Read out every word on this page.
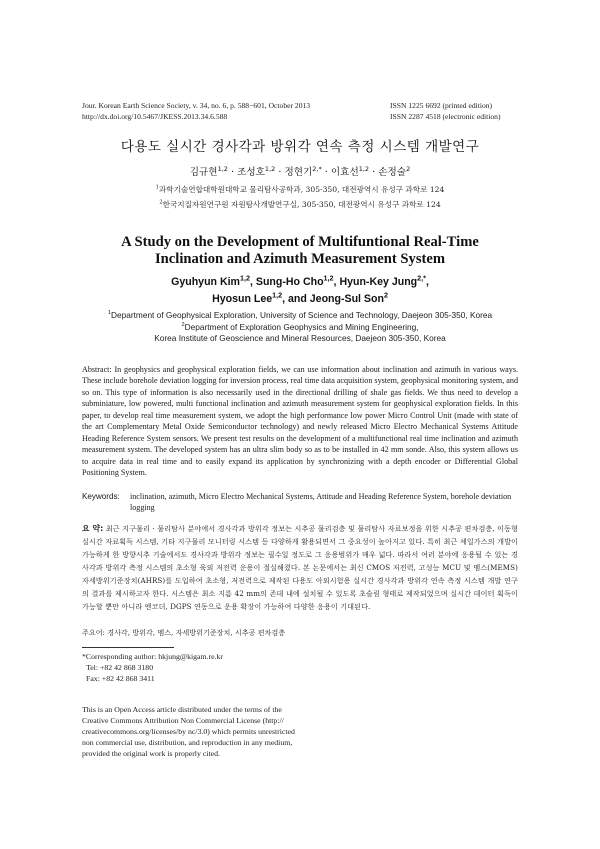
Jour. Korean Earth Science Society, v. 34, no. 6, p. 588−601, October 2013
http://dx.doi.org/10.5467/JKESS.2013.34.6.588
ISSN 1225 6692 (printed edition)
ISSN 2287 4518 (electronic edition)
다용도 실시간 경사각과 방위각 연속 측정 시스템 개발연구
김규현$^{1,2}$ · 조성호$^{1,2}$ · 정현기$^{2,*}$ · 이효선$^{1,2}$ · 손정술$^2$
$^1$과학기술연합대학원대학교 물리탐사공학과, 305-350, 대전광역시 유성구 과학로 124
$^2$한국지질자원연구원 자원탐사개발연구실, 305-350, 대전광역시 유성구 과학로 124
A Study on the Development of Multifuntional Real-Time
Inclination and Azimuth Measurement System
Gyuhyun Kim$^{1,2}$, Sung-Ho Cho$^{1,2}$, Hyun-Key Jung$^{2,*}$,
Hyosun Lee$^{1,2}$, and Jeong-Sul Son$^2$
$^1$Department of Geophysical Exploration, University of Science and Technology, Daejeon 305-350, Korea
$^2$Department of Exploration Geophysics and Mining Engineering,
Korea Institute of Geoscience and Mineral Resources, Daejeon 305-350, Korea
Abstract: In geophysics and geophysical exploration fields, we can use information about inclination and azimuth in various ways. These include borehole deviation logging for inversion process, real time data acquisition system, geophysical monitoring system, and so on. This type of information is also necessarily used in the directional drilling of shale gas fields. We thus need to develop a subminiature, low powered, multi functional inclination and azimuth measurement system for geophysical exploration fields. In this paper, to develop real time measurement system, we adopt the high performance low power Micro Control Unit (made with state of the art Complementary Metal Oxide Semiconductor technology) and newly released Micro Electro Mechanical Systems Attitude Heading Reference System sensors. We present test results on the development of a multifunctional real time inclination and azimuth measurement system. The developed system has an ultra slim body so as to be installed in 42 mm sonde. Also, this system allows us to acquire data in real time and to easily expand its application by synchronizing with a depth encoder or Differential Global Positioning System.
Keywords:	inclination, azimuth, Micro Electro Mechanical Systems, Attitude and Heading Reference System, borehole deviation logging
요 약: 최근 지구물리 · 물리탐사 분야에서 경사각과 방위각 정보는 시추공 물리검층 및 물리탐사 자료보정을 위한 시추공 편차검층, 이동형 실시간 자료획득 시스템, 기타 지구물리 모니터링 시스템 등 다양하게 활용되면서 그 중요성이 높아지고 있다. 특히 최근 셰일가스의 개발이 가능하게 한 방향시추 기술에서도 경사각과 방위각 정보는 필수일 정도로 그 응용범위가 매우 넓다. 따라서 여러 분야에 응용될 수 있는 경사각과 방위각 측정 시스템의 초소형 육외 저전력 운용이 절실해졌다. 본 논문에서는 최신 CMOS 저전력, 고성능 MCU 및 멤스(MEMS) 자세방위기준장치(AHRS)를 도입하여 초소형, 저전력으로 제작된 다용도 아외시험용 실시간 경사각과 방위각 연속 측정 시스템 개발 연구의 결과를 제시하고자 한다. 시스템은 최소 지름 42 mm의 존데 내에 설치될 수 있도록 초슬림 형태로 제작되었으며 실시간 데이터 획득이 가능할 뿐만 아니라 엔코더, DGPS 연동으로 운용 확장이 가능하여 다양한 응용이 기대된다.
주요어: 경사각, 방위각, 멤스, 자세방위기준장치, 시추공 편차검층
*Corresponding author: hkjung@kigam.re.kr
Tel: +82 42 868 3180
Fax: +82 42 868 3411
This is an Open Access article distributed under the terms of the
Creative Commons Attribution Non Commercial License (http://
creativecommons.org/licenses/by nc/3.0) which permits unrestricted
non commercial use, distribution, and reproduction in any medium,
provided the original work is properly cited.
